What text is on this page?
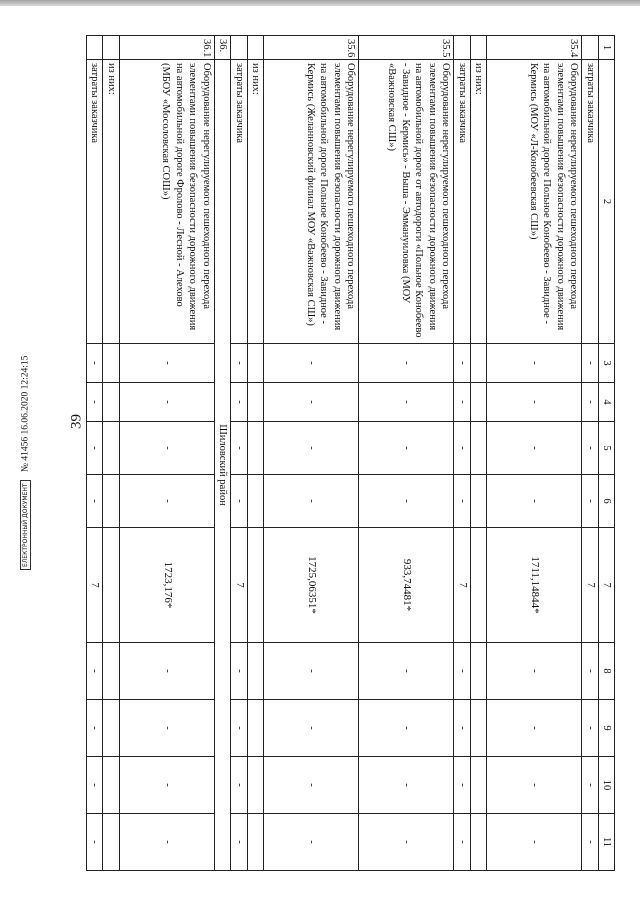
39
1	2	3	4	5	6	7	8	9	10	11
	затраты заказчика	-	-	-	-	7	-	-	-	-
35.4	Оборудование нерегулируемого пешеходного перехода элементами повышения безопасности дорожного движения на автомобильной дороге Польное Конобеево - Завидное - Кермись (МОУ «Л-Конобеевская СШ»)	-	-	-	-	1711,14844*	-	-	-	-
	из них:									
	затраты заказчика	-	-	-	-	7	-	-	-	-
35.5	Оборудование нерегулируемого пешеходного перехода элементами повышения безопасности дорожного движения на автомобильной дороге от автодороги «Польное Конобеево - Завидное - Кермись» - Выша - Эммануиловка (МОУ «Важновская СШ»)	-	-	-	-	933,74481*	-	-	-	-
35.6	Оборудование нерегулируемого пешеходного перехода элементами повышения безопасности дорожного движения на автомобильной дороге Польное Конобеево - Завидное - Кермись (Желанновский филиал МОУ «Важновская СШ»)	-	-	-	-	1725,06351*	-	-	-	-
	из них:									
	затраты заказчика	-	-	-	-	7	-	-	-	-
36.	Шиловский район									
36.1	Оборудование нерегулируемого пешеходного перехода элементами повышения безопасности дорожного движения на автомобильной дороге Фролово - Лесной - Алехово (МБОУ «Мосоловская СОШ»)	-	-	-	-	1723,176*	-	-	-	-
	из них:									
	затраты заказчика	-	-	-	-	7	-	-	-	-
ЕЛЕКТРОННЫЙ ДОКУМЕНТ № 41456 16.06.2020 12:24:15
